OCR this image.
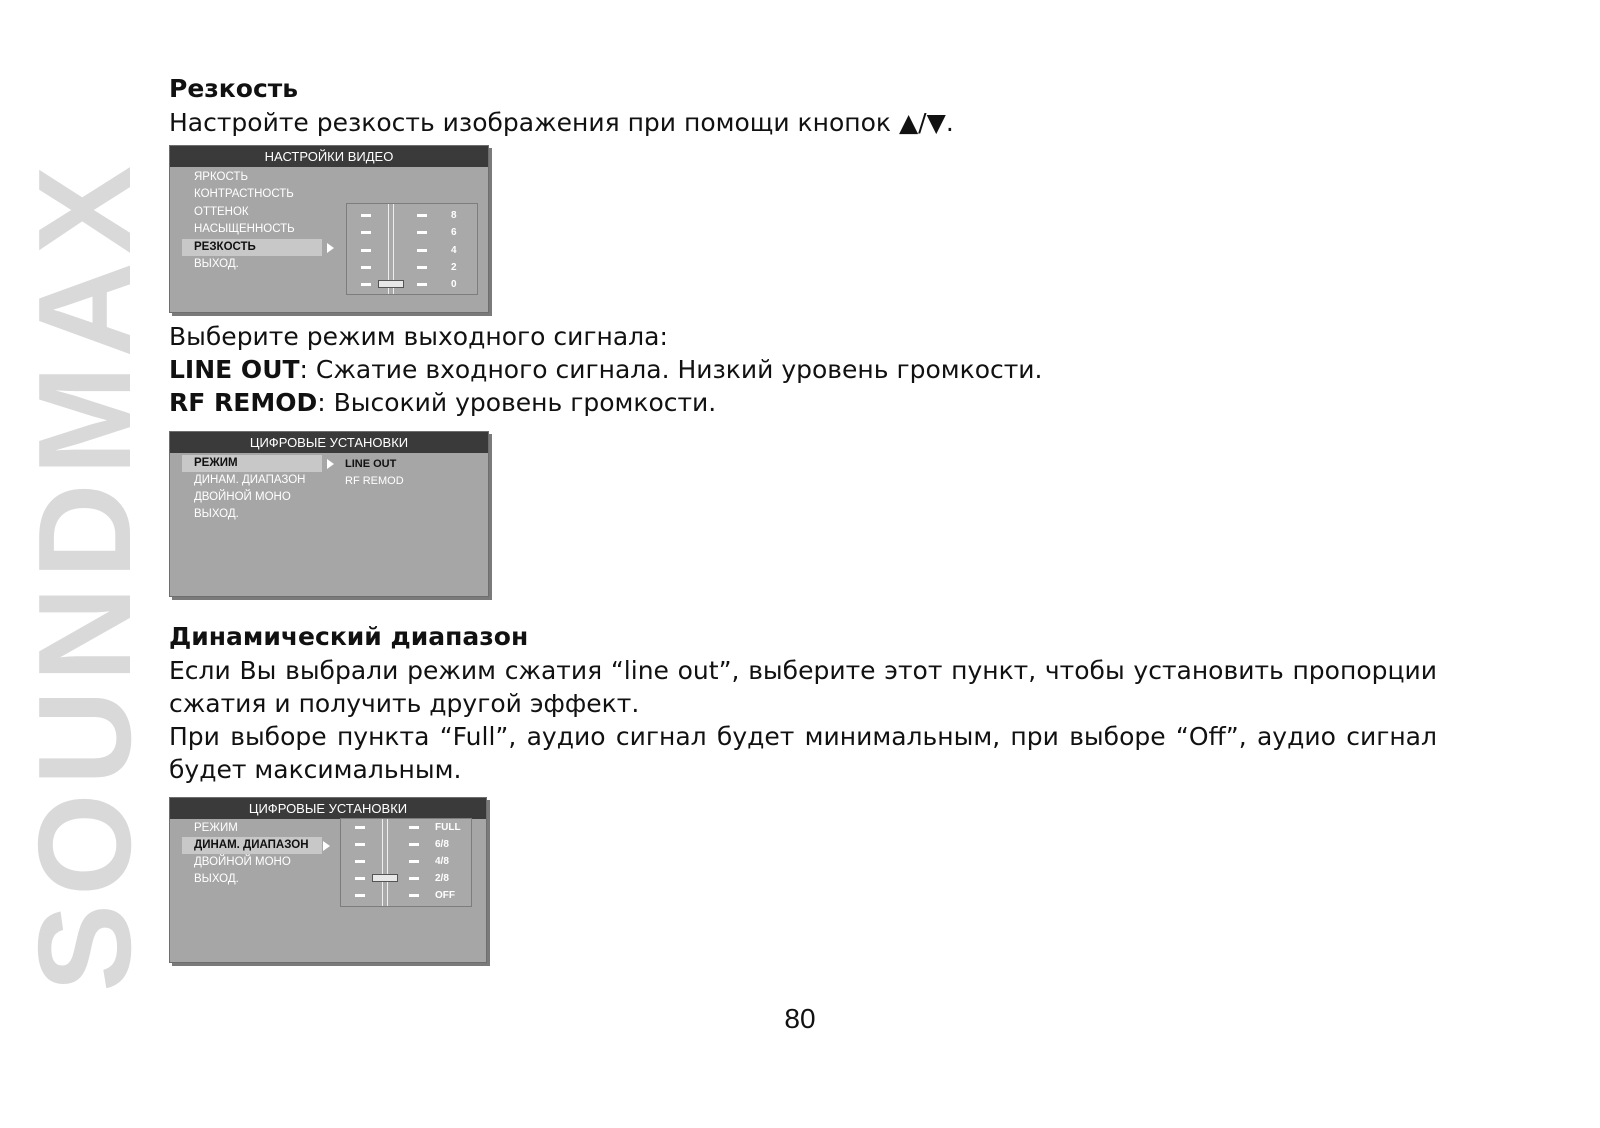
SOUNDMAX

Резкость

Настройте резкость изображения при помощи кнопок ▲/▼.

НАСТРОЙКИ ВИДЕО
ЯРКОСТЬ
КОНТРАСТНОСТЬ
ОТТЕНОК
НАСЫЩЕННОСТЬ
РЕЗКОСТЬ
ВЫХОД.
8
6
4
2
0

Выберите режим выходного сигнала:

LINE OUT: Сжатие входного сигнала. Низкий уровень громкости.

RF REMOD: Высокий уровень громкости.

ЦИФРОВЫЕ УСТАНОВКИ
РЕЖИМ
ДИНАМ. ДИАПАЗОН
ДВОЙНОЙ МОНО
ВЫХОД.
LINE OUT
RF REMOD

Динамический диапазон

Если Вы выбрали режим сжатия “line out”, выберите этот пункт, чтобы установить пропорции сжатия и получить другой эффект.

При выборе пункта “Full”, аудио сигнал будет минимальным, при выборе “Off”, аудио сигнал будет максимальным.

ЦИФРОВЫЕ УСТАНОВКИ
РЕЖИМ
ДИНАМ. ДИАПАЗОН
ДВОЙНОЙ МОНО
ВЫХОД.
FULL
6/8
4/8
2/8
OFF
80
